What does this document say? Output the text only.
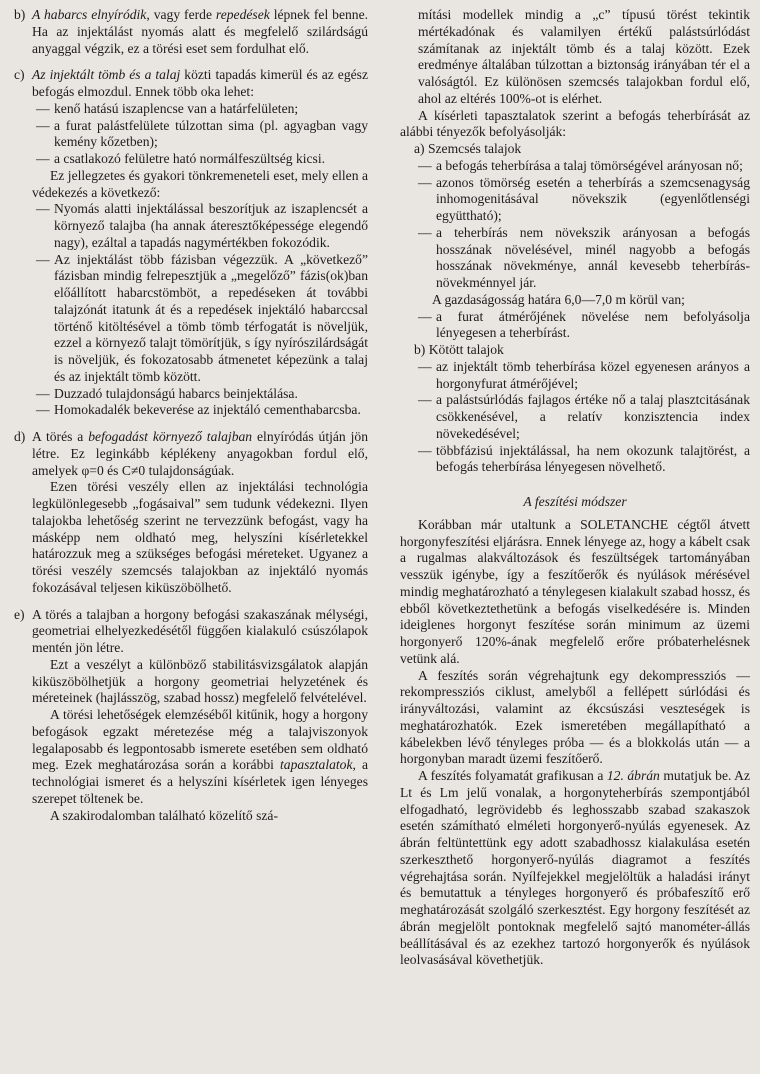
b) A habarcs elnyíródik, vagy ferde repedések lépnek fel benne. Ha az injektálást nyomás alatt és megfelelő szilárdságú anyaggal végzik, ez a törési eset sem fordulhat elő.
c) Az injektált tömb és a talaj közti tapadás kimerül és az egész befogás elmozdul. Ennek több oka lehet:
— kenő hatású iszaplencse van a határfelületen;
— a furat palástfelülete túlzottan sima (pl. agyagban vagy kemény kőzetben);
— a csatlakozó felületre ható normálfeszültség kicsi.

Ez jellegzetes és gyakori tönkremeneteli eset, mely ellen a védekezés a következő:

— Nyomás alatti injektálással beszorítjuk az iszaplencsét a környező talajba (ha annak áteresztőképessége elegendő nagy), ezáltal a tapadás nagymértékben fokozódik.
— Az injektálást több fázisban végezzük. A „következő” fázisban mindig felrepesztjük a „megelőző” fázis(ok)ban előállított habarcstömböt, a repedéseken át további talajzónát itatunk át és a repedések injektáló habarccsal történő kitöltésével a tömb tömb térfogatát is növeljük, ezzel a környező talajt tömörítjük, s így nyírószilárdságát is növeljük, és fokozatosabb átmenetet képezünk a talaj és az injektált tömb között.
— Duzzadó tulajdonságú habarcs beinjektálása.
— Homokadalék bekeverése az injektáló cementhabarcsba.
d) A törés a befogadást környező talajban elnyíródás útján jön létre. Ez leginkább képlékeny anyagokban fordul elő, amelyek φ=0 és C≠0 tulajdonságúak.

Ezen törési veszély ellen az injektálási technológia legkülönlegesebb „fogásaival” sem tudunk védekezni. Ilyen talajokba lehetőség szerint ne tervezzünk befogást, vagy ha másképp nem oldható meg, helyszíni kísérletekkel határozzuk meg a szükséges befogási méreteket. Ugyanez a törési veszély szemcsés talajokban az injektáló nyomás fokozásával teljesen kiküszöbölhető.

e) A törés a talajban a horgony befogási szakaszának mélységi, geometriai elhelyezkedésétől függően kialakuló csúszólapok mentén jön létre.

Ezt a veszélyt a különböző stabilitásvizsgálatok alapján kiküszöbölhetjük a horgony geometriai helyzetének és méreteinek (hajlásszög, szabad hossz) megfelelő felvételével.

A törési lehetőségek elemzéséből kitűnik, hogy a horgony befogások egzakt méretezése még a talajviszonyok legalaposabb és legpontosabb ismerete esetében sem oldható meg. Ezek meghatározása során a korábbi tapasztalatok, a technológiai ismeret és a helyszíni kísérletek igen lényeges szerepet töltenek be.

A szakirodalomban található közelítő szá-

mítási modellek mindig a „c” típusú törést tekintik mértékadónak és valamilyen értékű palástsúrlódást számítanak az injektált tömb és a talaj között. Ezek eredménye általában túlzottan a biztonság irányában tér el a valóságtól. Ez különösen szemcsés talajokban fordul elő, ahol az eltérés 100%-ot is elérhet.

A kísérleti tapasztalatok szerint a befogás teherbírását az alábbi tényezők befolyásolják:

a) Szemcsés talajok
— a befogás teherbírása a talaj tömörségével arányosan nő;
— azonos tömörség esetén a teherbírás a szemcsenagyság inhomogenitásával növekszik (egyenlőtlenségi együttható);
— a teherbírás nem növekszik arányosan a befogás hosszának növelésével, minél nagyobb a befogás hosszának növekménye, annál kevesebb teherbírás-növekménnyel jár.

A gazdaságosság határa 6,0—7,0 m körül van;

— a furat átmérőjének növelése nem befolyásolja lényegesen a teherbírást.
b) Kötött talajok
— az injektált tömb teherbírása közel egyenesen arányos a horgonyfurat átmérőjével;
— a palástsúrlódás fajlagos értéke nő a talaj plasztcitásának csökkenésével, a relatív konzisztencia index növekedésével;
— többfázisú injektálással, ha nem okozunk talajtörést, a befogás teherbírása lényegesen növelhető.
A feszítési módszer

Korábban már utaltunk a SOLETANCHE cégtől átvett horgonyfeszítési eljárásra. Ennek lényege az, hogy a kábelt csak a rugalmas alakváltozások és feszültségek tartományában vesszük igénybe, így a feszítőerők és nyúlások mérésével mindig meghatározható a ténylegesen kialakult szabad hossz, és ebből következtethetünk a befogás viselkedésére is. Minden ideiglenes horgonyt feszítése során minimum az üzemi horgonyerő 120%-ának megfelelő erőre próbaterhelésnek vetünk alá.

A feszítés során végrehajtunk egy dekompressziós — rekompressziós ciklust, amelyből a fellépett súrlódási és irányváltozási, valamint az ékcsúszási veszteségek is meghatározhatók. Ezek ismeretében megállapítható a kábelekben lévő tényleges próba — és a blokkolás után — a horgonyban maradt üzemi feszítőerő.

A feszítés folyamatát grafikusan a 12. ábrán mutatjuk be. Az Lt és Lm jelű vonalak, a horgonyteherbírás szempontjából elfogadható, legrövidebb és leghosszabb szabad szakaszok esetén számítható elméleti horgonyerő-nyúlás egyenesek. Az ábrán feltüntettünk egy adott szabadhossz kialakulása esetén szerkeszthető horgonyerő-nyúlás diagramot a feszítés végrehajtása során. Nyílfejekkel megjelöltük a haladási irányt és bemutattuk a tényleges horgonyerő és próbafeszítő erő meghatározását szolgáló szerkesztést. Egy horgony feszítését az ábrán megjelölt pontoknak megfelelő sajtó manométer-állás beállításával és az ezekhez tartozó horgonyerők és nyúlások leolvasásával követhetjük.
